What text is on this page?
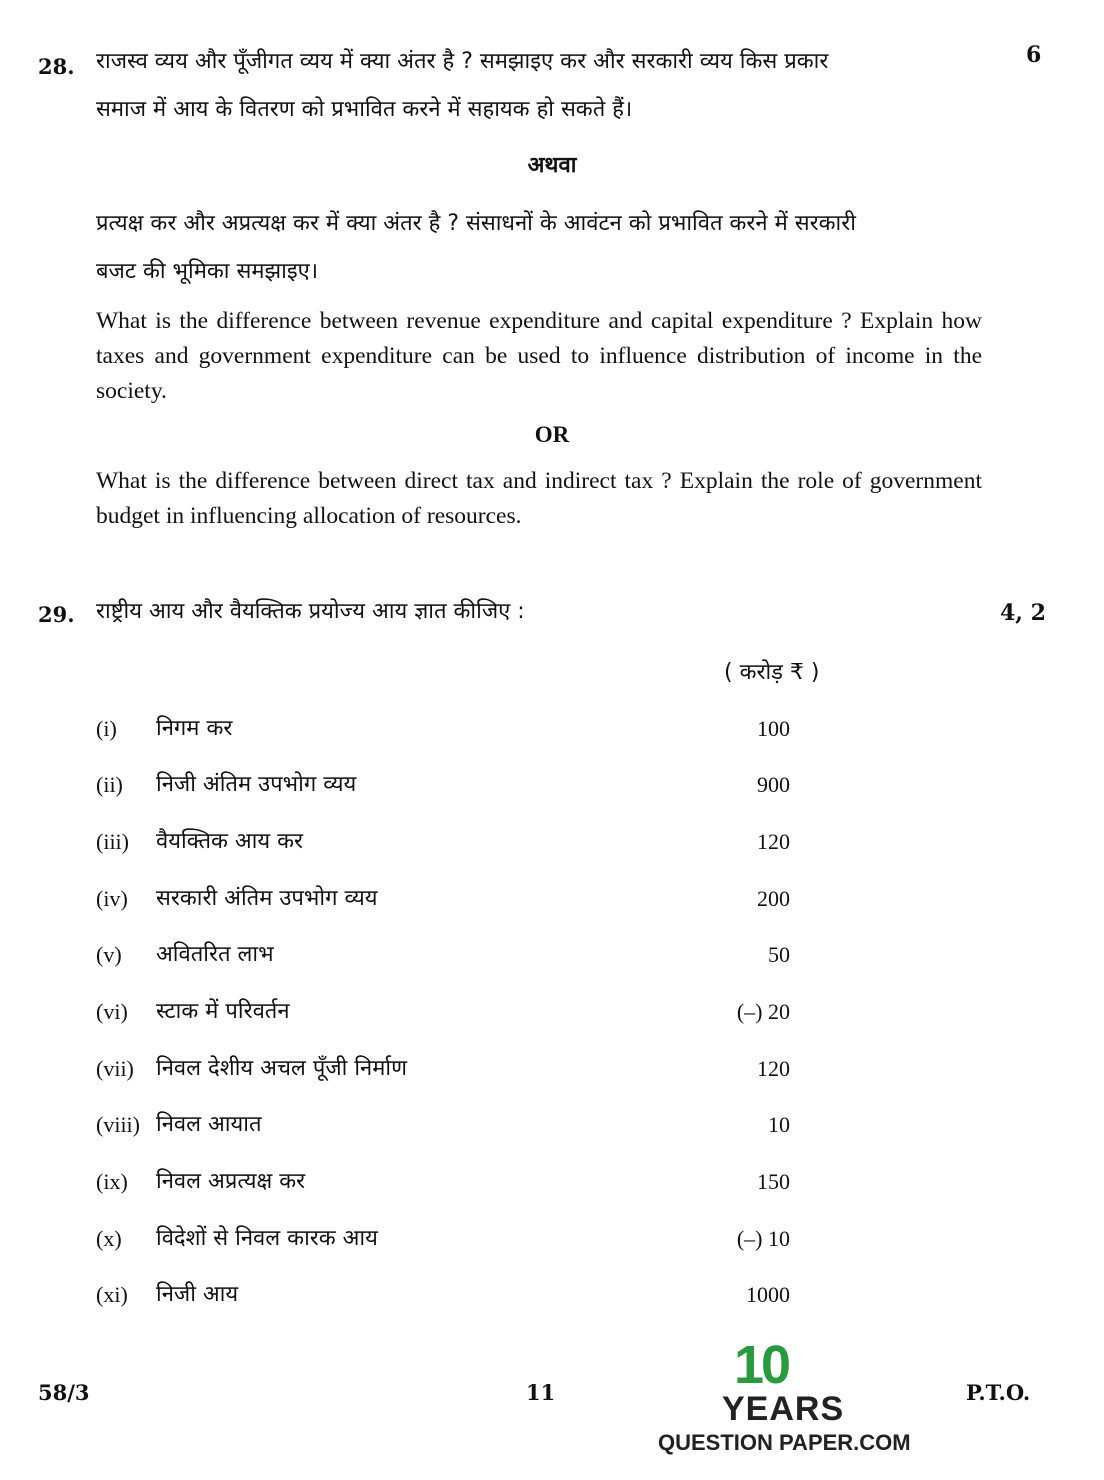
28.	6
राजस्व व्यय और पूँजीगत व्यय में क्या अंतर है ? समझाइए कर और सरकारी व्यय किस प्रकार
समाज में आय के वितरण को प्रभावित करने में सहायक हो सकते हैं।
अथवा
प्रत्यक्ष कर और अप्रत्यक्ष कर में क्या अंतर है ? संसाधनों के आवंटन को प्रभावित करने में सरकारी
बजट की भूमिका समझाइए।
What is the difference between revenue expenditure and capital expenditure ? Explain how taxes and government expenditure can be used to influence distribution of income in the society.
OR
What is the difference between direct tax and indirect tax ? Explain the role of government budget in influencing allocation of resources.
29.	4, 2
राष्ट्रीय आय और वैयक्तिक प्रयोज्य आय ज्ञात कीजिए :
( करोड़ ₹ )
(i) निगम कर	100
(ii) निजी अंतिम उपभोग व्यय	900
(iii) वैयक्तिक आय कर	120
(iv) सरकारी अंतिम उपभोग व्यय	200
(v) अवितरित लाभ	50
(vi) स्टाक में परिवर्तन	(–) 20
(vii) निवल देशीय अचल पूँजी निर्माण	120
(viii) निवल आयात	10
(ix) निवल अप्रत्यक्ष कर	150
(x) विदेशों से निवल कारक आय	(–) 10
(xi) निजी आय	1000
58/3	11	P.T.O.
10
YEARS
QUESTION PAPER.COM
